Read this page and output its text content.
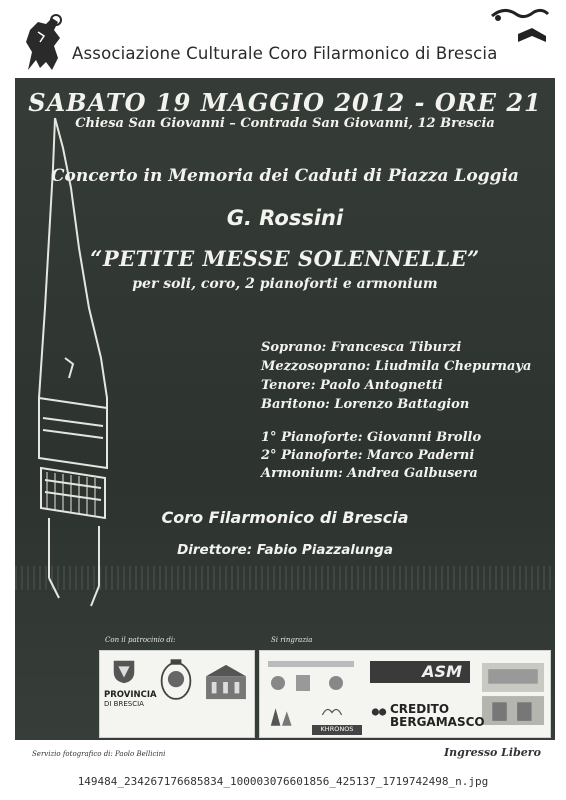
Associazione Culturale Coro Filarmonico di Brescia
SABATO 19 MAGGIO 2012 - ORE 21
Chiesa San Giovanni – Contrada San Giovanni, 12 Brescia
Concerto in Memoria dei Caduti di Piazza Loggia
G. Rossini
“PETITE MESSE SOLENNELLE”
per soli, coro, 2 pianoforti e armonium
Soprano: Francesca Tiburzi
Mezzosoprano: Liudmila Chepurnaya
Tenore: Paolo Antognetti
Baritono: Lorenzo Battagion
1° Pianoforte: Giovanni Brollo
2° Pianoforte: Marco Paderni
Armonium: Andrea Galbusera
Coro Filarmonico di Brescia
Direttore: Fabio Piazzalunga
Con il patrocinio di:	Si ringrazia
PROVINCIA
DI BRESCIA
ASM
KHRONOS
CREDITO
BERGAMASCO
Servizio fotografico di: Paolo Bellicini	Ingresso Libero
149484_234267176685834_100003076601856_425137_1719742498_n.jpg
